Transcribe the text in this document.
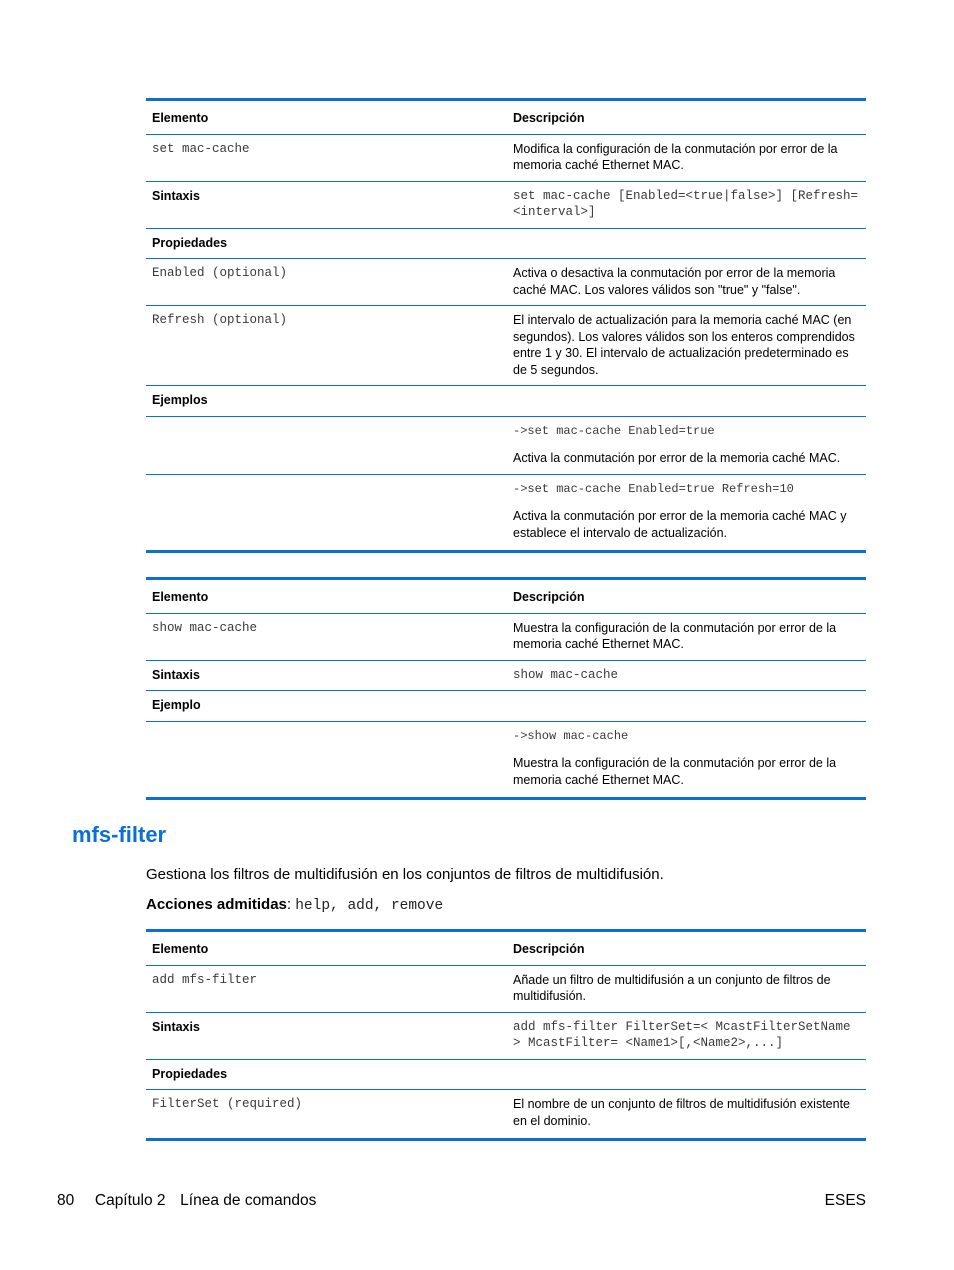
Elemento	Descripción
set mac-cache	Modifica la configuración de la conmutación por error de la memoria caché Ethernet MAC.
Sintaxis	set mac-cache [Enabled=<true|false>] [Refresh=<interval>]
Propiedades	
Enabled (optional)	Activa o desactiva la conmutación por error de la memoria caché MAC. Los valores válidos son "true" y "false".
Refresh (optional)	El intervalo de actualización para la memoria caché MAC (en segundos). Los valores válidos son los enteros comprendidos entre 1 y 30. El intervalo de actualización predeterminado es de 5 segundos.
Ejemplos	

	->set mac-cache Enabled=true
Activa la conmutación por error de la memoria caché MAC.

	->set mac-cache Enabled=true Refresh=10
Activa la conmutación por error de la memoria caché MAC y establece el intervalo de actualización.
Elemento	Descripción
show mac-cache	Muestra la configuración de la conmutación por error de la memoria caché Ethernet MAC.
Sintaxis	show mac-cache
Ejemplo	

	->show mac-cache
Muestra la configuración de la conmutación por error de la memoria caché Ethernet MAC.
mfs-filter

Gestiona los filtros de multidifusión en los conjuntos de filtros de multidifusión.

Acciones admitidas: help, add, remove

Elemento	Descripción
add mfs-filter	Añade un filtro de multidifusión a un conjunto de filtros de multidifusión.
Sintaxis	add mfs-filter FilterSet=< McastFilterSetName > McastFilter= <Name1>[,<Name2>,...]
Propiedades	
FilterSet (required)	El nombre de un conjunto de filtros de multidifusión existente en el dominio.
80 Capítulo 2 Línea de comandos	ESES
